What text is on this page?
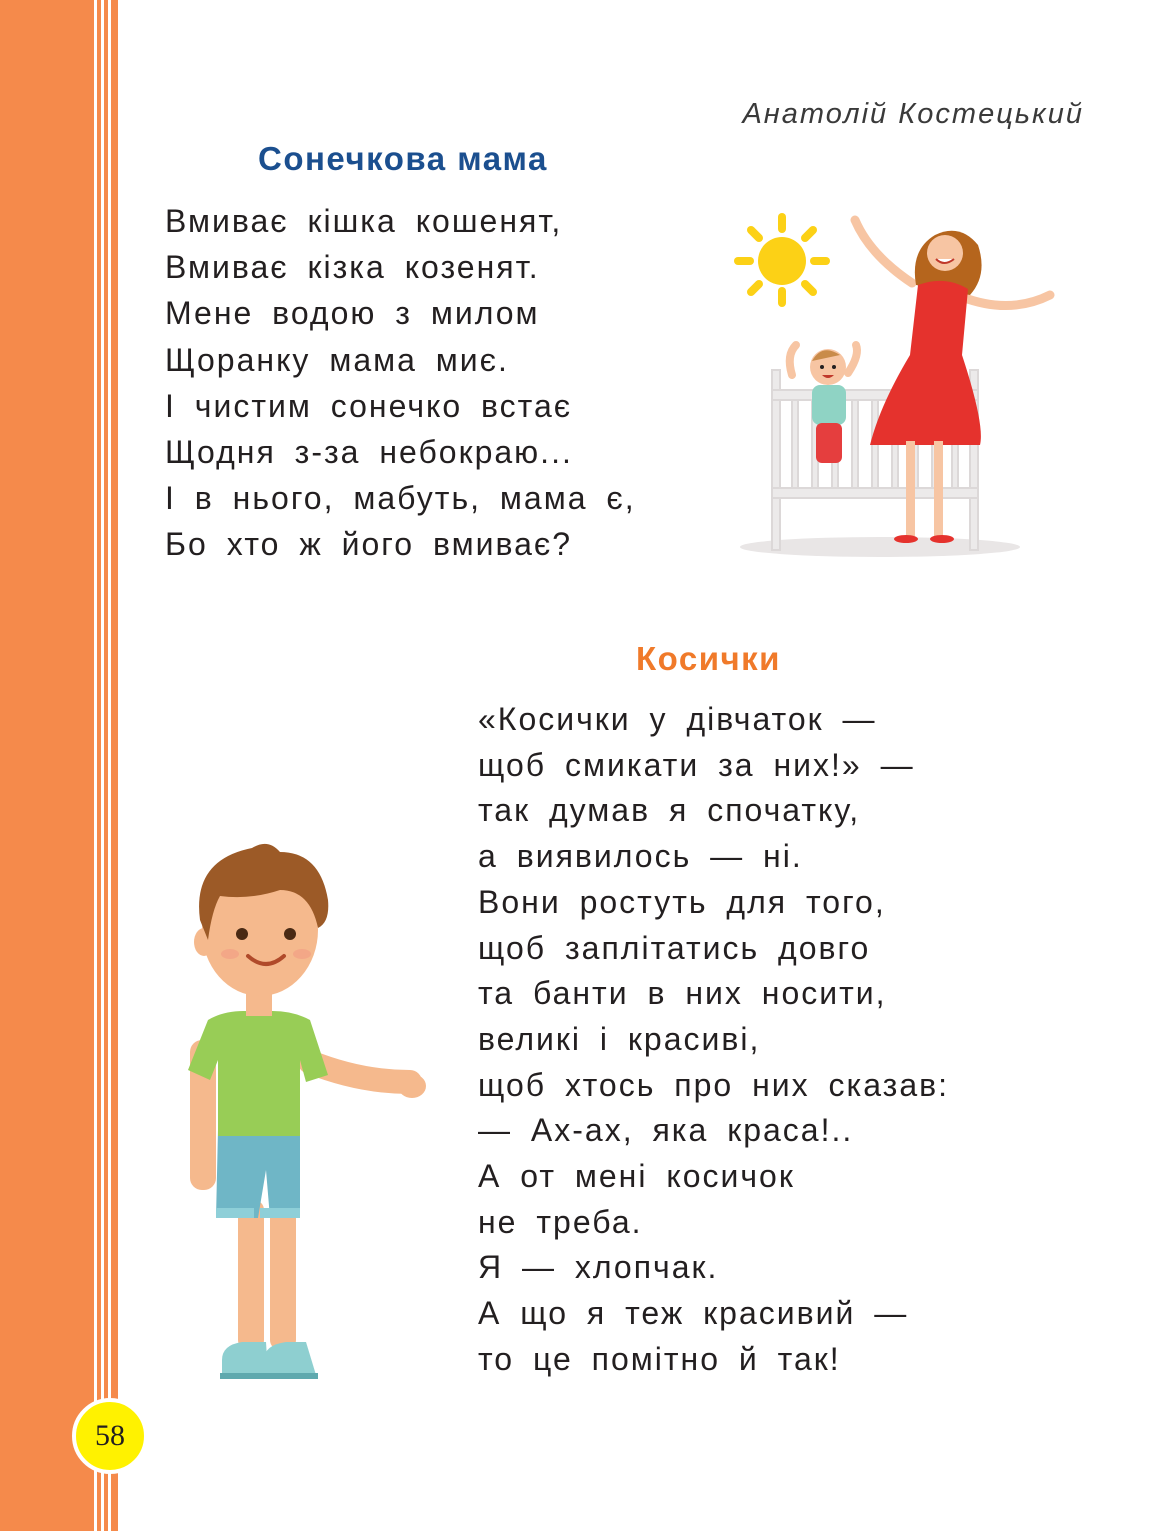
58
Анатолій Костецький
Сонечкова мама
Вмиває кішка кошенят,
Вмиває кізка козенят.
Мене водою з милом
Щоранку мама миє.
І чистим сонечко встає
Щодня з-за небокраю...
І в нього, мабуть, мама є,
Бо хто ж його вмиває?
Косички
«Косички у дівчаток —
щоб смикати за них!» —
так думав я спочатку,
а виявилось — ні.
Вони ростуть для того,
щоб заплітатись довго
та банти в них носити,
великі і красиві,
щоб хтось про них сказав:
— Ах-ах, яка краса!..
А от мені косичок
не треба.
Я — хлопчак.
А що я теж красивий —
то це помітно й так!
